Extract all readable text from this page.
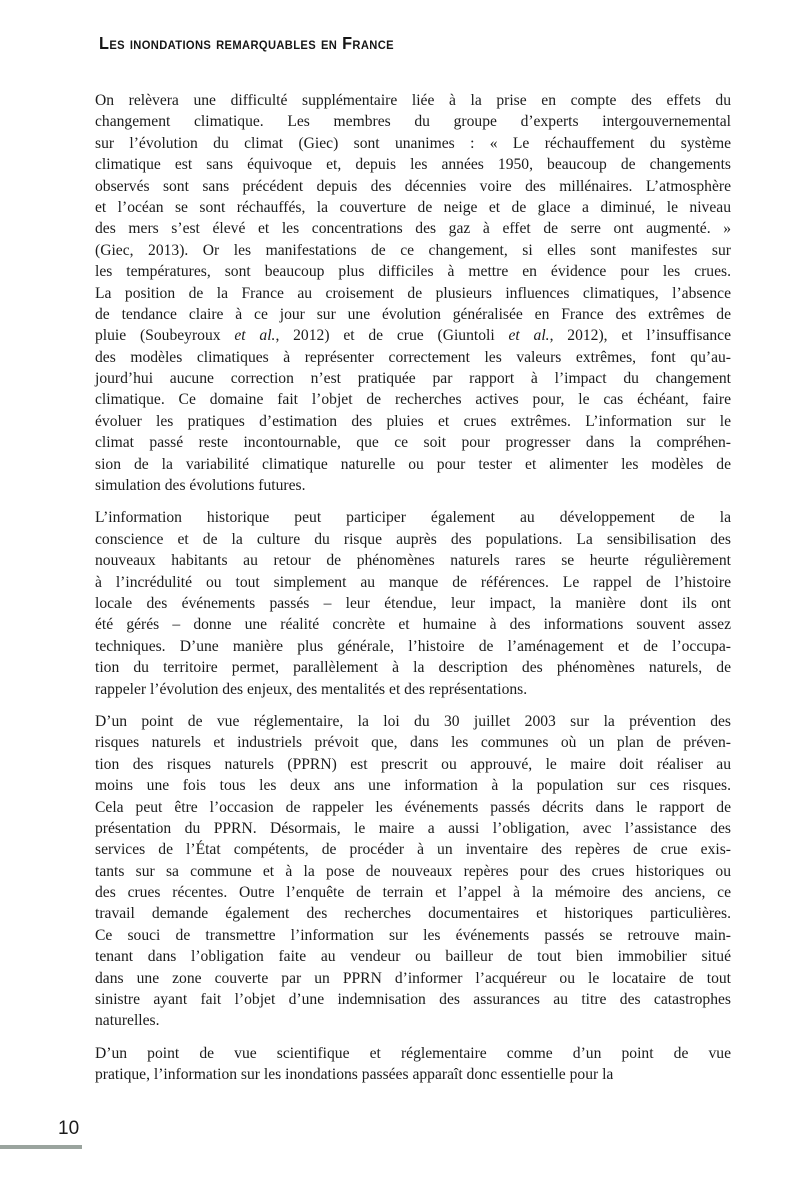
Les inondations remarquables en France
On relèvera une difficulté supplémentaire liée à la prise en compte des effets du
changement climatique. Les membres du groupe d’experts intergouvernemental
sur l’évolution du climat (Giec) sont unanimes : « Le réchauffement du système
climatique est sans équivoque et, depuis les années 1950, beaucoup de changements
observés sont sans précédent depuis des décennies voire des millénaires. L’atmosphère
et l’océan se sont réchauffés, la couverture de neige et de glace a diminué, le niveau
des mers s’est élevé et les concentrations des gaz à effet de serre ont augmenté. »
(Giec, 2013). Or les manifestations de ce changement, si elles sont manifestes sur
les températures, sont beaucoup plus difficiles à mettre en évidence pour les crues.
La position de la France au croisement de plusieurs influences climatiques, l’absence
de tendance claire à ce jour sur une évolution généralisée en France des extrêmes de
pluie (Soubeyroux et al., 2012) et de crue (Giuntoli et al., 2012), et l’insuffisance
des modèles climatiques à représenter correctement les valeurs extrêmes, font qu’au-
jourd’hui aucune correction n’est pratiquée par rapport à l’impact du changement
climatique. Ce domaine fait l’objet de recherches actives pour, le cas échéant, faire
évoluer les pratiques d’estimation des pluies et crues extrêmes. L’information sur le
climat passé reste incontournable, que ce soit pour progresser dans la compréhen-
sion de la variabilité climatique naturelle ou pour tester et alimenter les modèles de
simulation des évolutions futures.
L’information historique peut participer également au développement de la
conscience et de la culture du risque auprès des populations. La sensibilisation des
nouveaux habitants au retour de phénomènes naturels rares se heurte régulièrement
à l’incrédulité ou tout simplement au manque de références. Le rappel de l’histoire
locale des événements passés – leur étendue, leur impact, la manière dont ils ont
été gérés – donne une réalité concrète et humaine à des informations souvent assez
techniques. D’une manière plus générale, l’histoire de l’aménagement et de l’occupa-
tion du territoire permet, parallèlement à la description des phénomènes naturels, de
rappeler l’évolution des enjeux, des mentalités et des représentations.
D’un point de vue réglementaire, la loi du 30 juillet 2003 sur la prévention des
risques naturels et industriels prévoit que, dans les communes où un plan de préven-
tion des risques naturels (PPRN) est prescrit ou approuvé, le maire doit réaliser au
moins une fois tous les deux ans une information à la population sur ces risques.
Cela peut être l’occasion de rappeler les événements passés décrits dans le rapport de
présentation du PPRN. Désormais, le maire a aussi l’obligation, avec l’assistance des
services de l’État compétents, de procéder à un inventaire des repères de crue exis-
tants sur sa commune et à la pose de nouveaux repères pour des crues historiques ou
des crues récentes. Outre l’enquête de terrain et l’appel à la mémoire des anciens, ce
travail demande également des recherches documentaires et historiques particulières.
Ce souci de transmettre l’information sur les événements passés se retrouve main-
tenant dans l’obligation faite au vendeur ou bailleur de tout bien immobilier situé
dans une zone couverte par un PPRN d’informer l’acquéreur ou le locataire de tout
sinistre ayant fait l’objet d’une indemnisation des assurances au titre des catastrophes
naturelles.
D’un point de vue scientifique et réglementaire comme d’un point de vue
pratique, l’information sur les inondations passées apparaît donc essentielle pour la
10
